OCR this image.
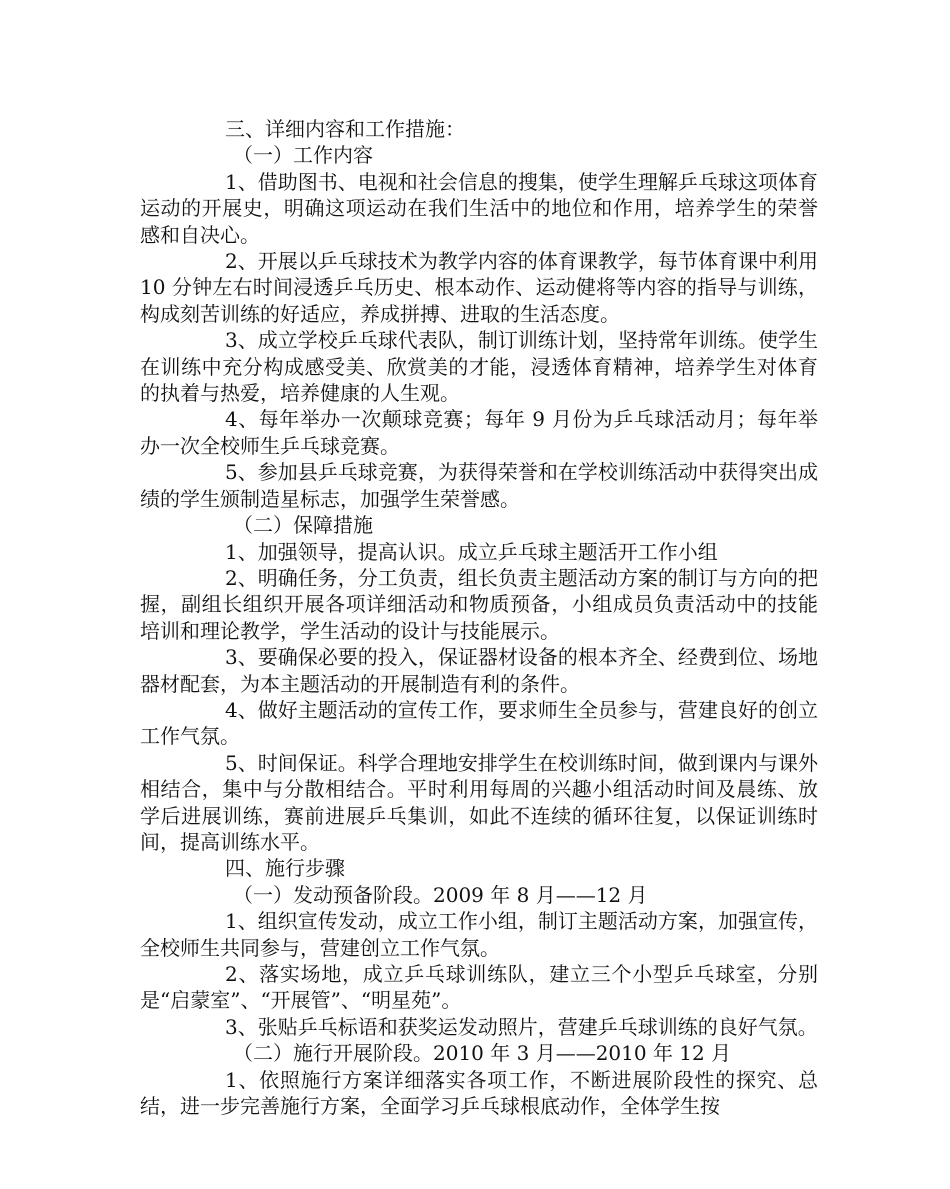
三、详细内容和工作措施：

（一）工作内容

1、借助图书、电视和社会信息的搜集，使学生理解乒乓球这项体育运动的开展史，明确这项运动在我们生活中的地位和作用，培养学生的荣誉感和自决心。

2、开展以乒乓球技术为教学内容的体育课教学，每节体育课中利用 10 分钟左右时间浸透乒乓历史、根本动作、运动健将等内容的指导与训练，构成刻苦训练的好适应，养成拼搏、进取的生活态度。

3、成立学校乒乓球代表队，制订训练计划，坚持常年训练。使学生在训练中充分构成感受美、欣赏美的才能，浸透体育精神，培养学生对体育的执着与热爱，培养健康的人生观。

4、每年举办一次颠球竞赛；每年 9 月份为乒乓球活动月；每年举办一次全校师生乒乓球竞赛。

5、参加县乒乓球竞赛，为获得荣誉和在学校训练活动中获得突出成绩的学生颁制造星标志，加强学生荣誉感。

（二）保障措施

1、加强领导，提高认识。成立乒乓球主题活开工作小组

2、明确任务，分工负责，组长负责主题活动方案的制订与方向的把握，副组长组织开展各项详细活动和物质预备，小组成员负责活动中的技能培训和理论教学，学生活动的设计与技能展示。

3、要确保必要的投入，保证器材设备的根本齐全、经费到位、场地器材配套，为本主题活动的开展制造有利的条件。

4、做好主题活动的宣传工作，要求师生全员参与，营建良好的创立工作气氛。

5、时间保证。科学合理地安排学生在校训练时间，做到课内与课外相结合，集中与分散相结合。平时利用每周的兴趣小组活动时间及晨练、放学后进展训练，赛前进展乒乓集训，如此不连续的循环往复，以保证训练时间，提高训练水平。

四、施行步骤

（一）发动预备阶段。2009 年 8 月——12 月

1、组织宣传发动，成立工作小组，制订主题活动方案，加强宣传，全校师生共同参与，营建创立工作气氛。

2、落实场地，成立乒乓球训练队，建立三个小型乒乓球室，分别是“启蒙室”、“开展管”、“明星苑”。

3、张贴乒乓标语和获奖运发动照片，营建乒乓球训练的良好气氛。

（二）施行开展阶段。2010 年 3 月——2010 年 12 月

1、依照施行方案详细落实各项工作，不断进展阶段性的探究、总结，进一步完善施行方案，全面学习乒乓球根底动作，全体学生按
